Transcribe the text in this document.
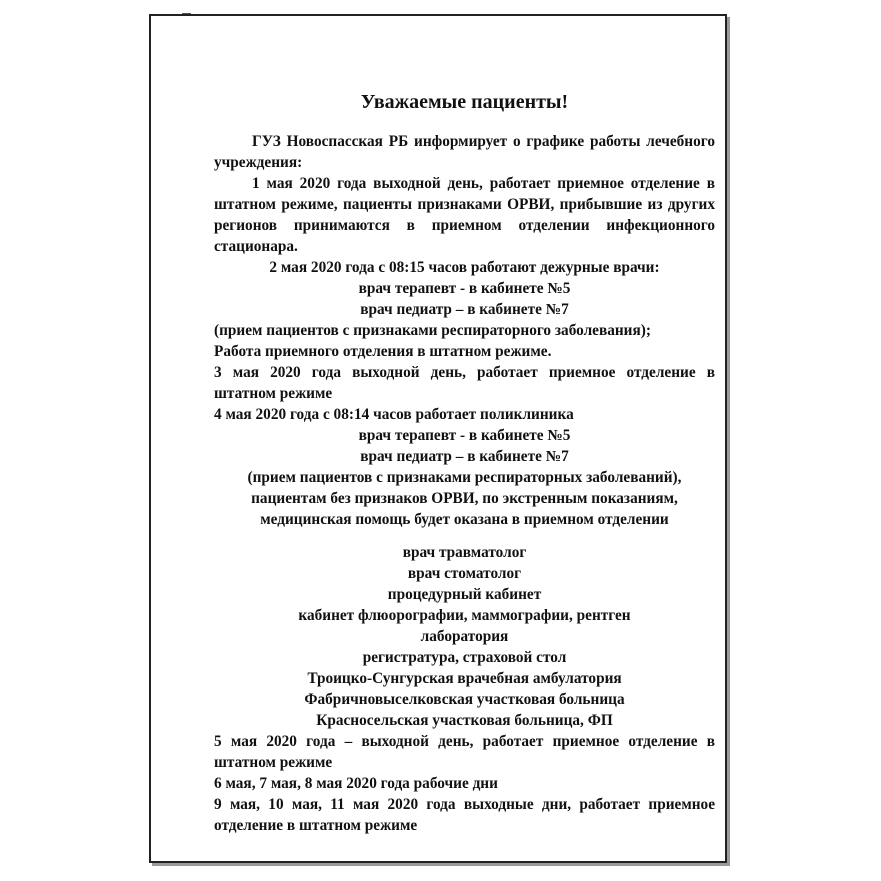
Уважаемые пациенты!

ГУЗ Новоспасская РБ информирует о графике работы лечебного учреждения:

1 мая 2020 года выходной день, работает приемное отделение в штатном режиме, пациенты признаками ОРВИ, прибывшие из других регионов принимаются в приемном отделении инфекционного стационара.

2 мая 2020 года с 08:15 часов работают дежурные врачи:

врач терапевт - в кабинете №5

врач педиатр – в кабинете №7

(прием пациентов с признаками респираторного заболевания);

Работа приемного отделения в штатном режиме.

3 мая 2020 года выходной день, работает приемное отделение в штатном режиме

4 мая 2020 года с 08:14 часов работает поликлиника

врач терапевт - в кабинете №5

врач педиатр – в кабинете №7

(прием пациентов с признаками респираторных заболеваний),

пациентам без признаков ОРВИ, по экстренным показаниям,

медицинская помощь будет оказана в приемном отделении

врач травматолог

врач стоматолог

процедурный кабинет

кабинет флюорографии, маммографии, рентген

лаборатория

регистратура, страховой стол

Троицко-Сунгурская врачебная амбулатория

Фабричновыселковская участковая больница

Красносельская участковая больница, ФП

5 мая 2020 года – выходной день, работает приемное отделение в штатном режиме

6 мая, 7 мая, 8 мая 2020 года рабочие дни

9 мая, 10 мая, 11 мая 2020 года выходные дни, работает приемное отделение в штатном режиме
